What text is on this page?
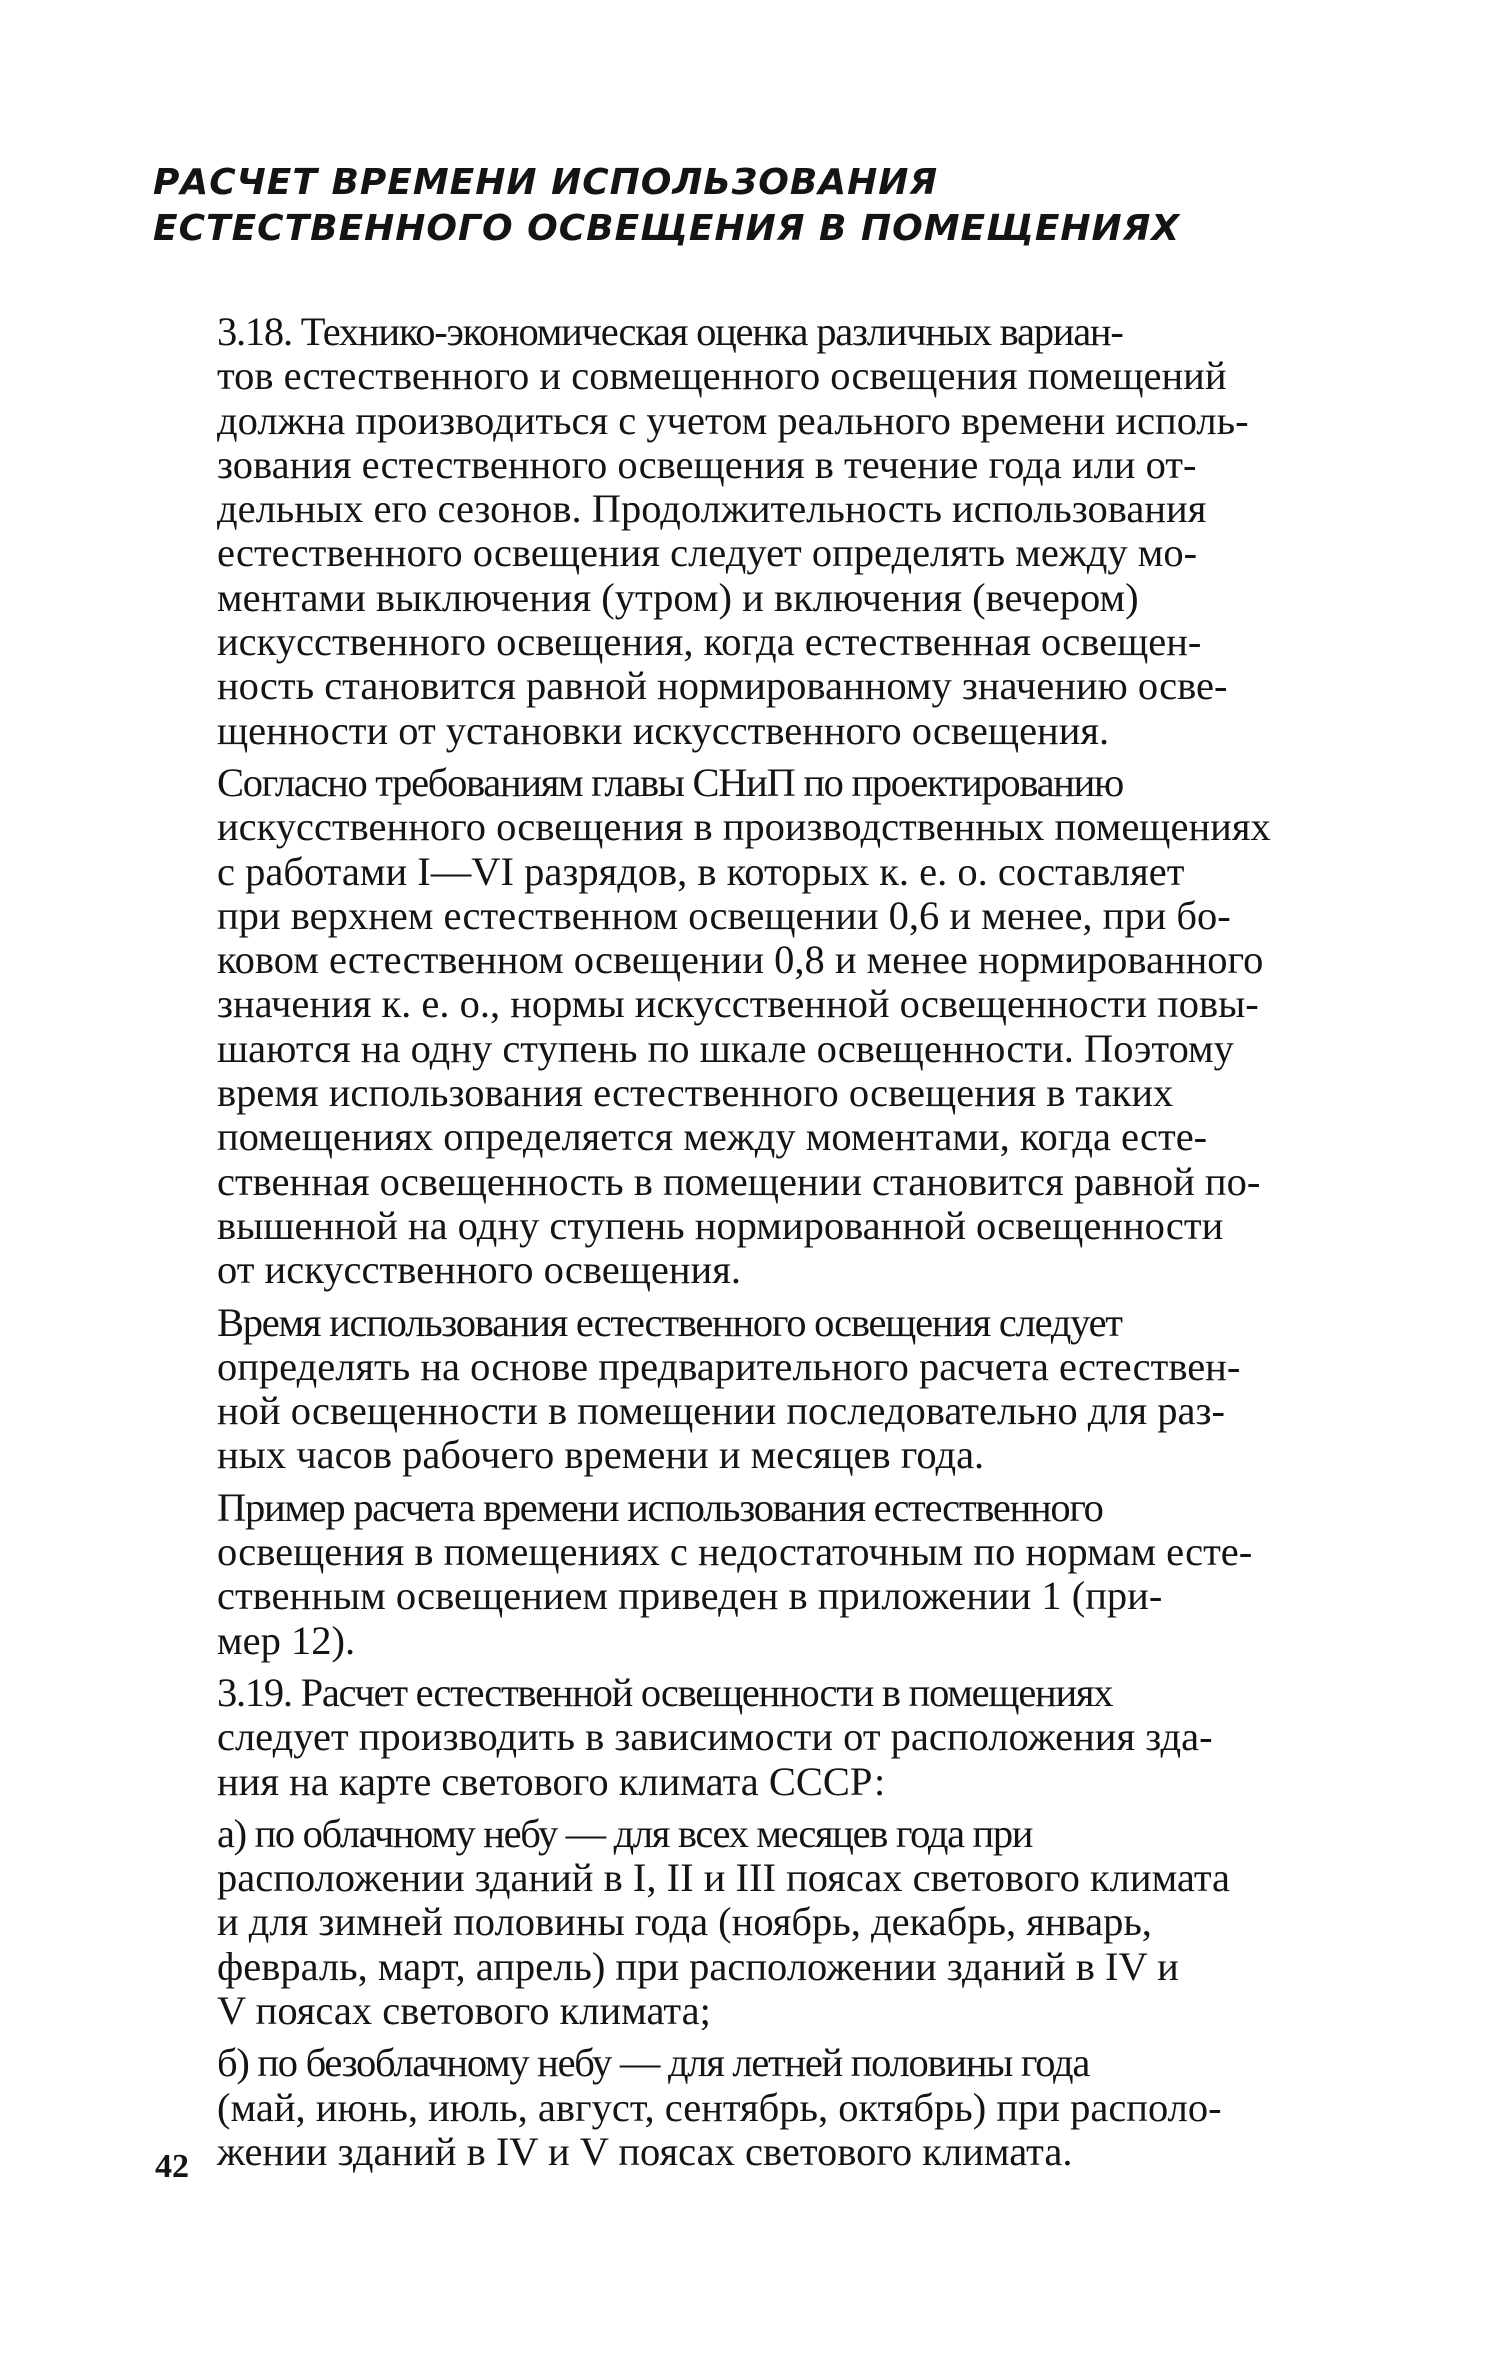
РАСЧЕТ ВРЕМЕНИ ИСПОЛЬЗОВАНИЯ
ЕСТЕСТВЕННОГО ОСВЕЩЕНИЯ В ПОМЕЩЕНИЯХ
3.18. Технико-экономическая оценка различных вариан-
тов естественного и совмещенного освещения помещений
должна производиться с учетом реального времени исполь-
зования естественного освещения в течение года или от-
дельных его сезонов. Продолжительность использования
естественного освещения следует определять между мо-
ментами выключения (утром) и включения (вечером)
искусственного освещения, когда естественная освещен-
ность становится равной нормированному значению осве-
щенности от установки искусственного освещения.
Согласно требованиям главы СНиП по проектированию
искусственного освещения в производственных помещениях
с работами I—VI разрядов, в которых к. е. о. составляет
при верхнем естественном освещении 0,6 и менее, при бо-
ковом естественном освещении 0,8 и менее нормированного
значения к. е. о., нормы искусственной освещенности повы-
шаются на одну ступень по шкале освещенности. Поэтому
время использования естественного освещения в таких
помещениях определяется между моментами, когда есте-
ственная освещенность в помещении становится равной по-
вышенной на одну ступень нормированной освещенности
от искусственного освещения.
Время использования естественного освещения следует
определять на основе предварительного расчета естествен-
ной освещенности в помещении последовательно для раз-
ных часов рабочего времени и месяцев года.
Пример расчета времени использования естественного
освещения в помещениях с недостаточным по нормам есте-
ственным освещением приведен в приложении 1 (при-
мер 12).
3.19. Расчет естественной освещенности в помещениях
следует производить в зависимости от расположения зда-
ния на карте светового климата СССР:
а) по облачному небу — для всех месяцев года при
расположении зданий в I, II и III поясах светового климата
и для зимней половины года (ноябрь, декабрь, январь,
февраль, март, апрель) при расположении зданий в IV и
V поясах светового климата;
б) по безоблачному небу — для летней половины года
(май, июнь, июль, август, сентябрь, октябрь) при располо-
жении зданий в IV и V поясах светового климата.
42
